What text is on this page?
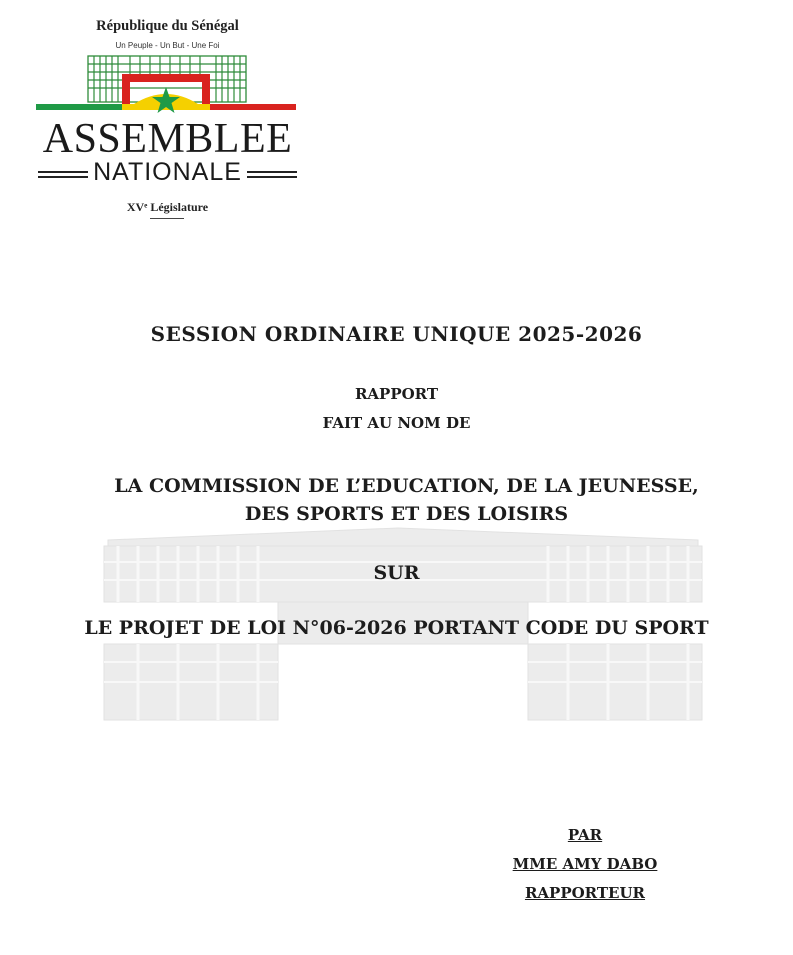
République du Sénégal
Un Peuple - Un But - Une Foi
ASSEMBLEE
NATIONALE
XVᵉ Législature
SESSION ORDINAIRE UNIQUE 2025-2026
RAPPORT
FAIT AU NOM DE
LA COMMISSION DE L’EDUCATION, DE LA JEUNESSE, DES SPORTS ET DES LOISIRS
SUR
LE PROJET DE LOI N°06-2026 PORTANT CODE DU SPORT
PAR
MME AMY DABO
RAPPORTEUR
